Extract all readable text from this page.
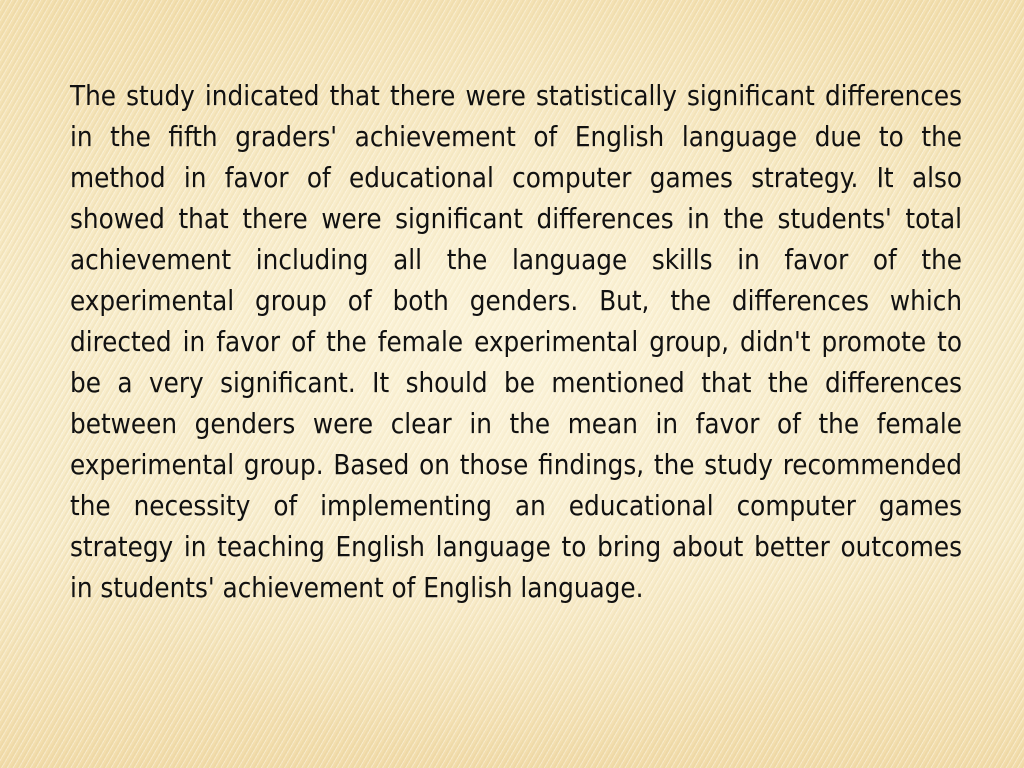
The study indicated that there were statistically significant differences in the fifth graders' achievement of English language due to the method in favor of educational computer games strategy. It also showed that there were significant differences in the students' total achievement including all the language skills in favor of the experimental group of both genders. But, the differences which directed in favor of the female experimental group, didn't promote to be a very significant. It should be mentioned that the differences between genders were clear in the mean in favor of the female experimental group. Based on those findings, the study recommended the necessity of implementing an educational computer games strategy in teaching English language to bring about better outcomes in students' achievement of English language.
